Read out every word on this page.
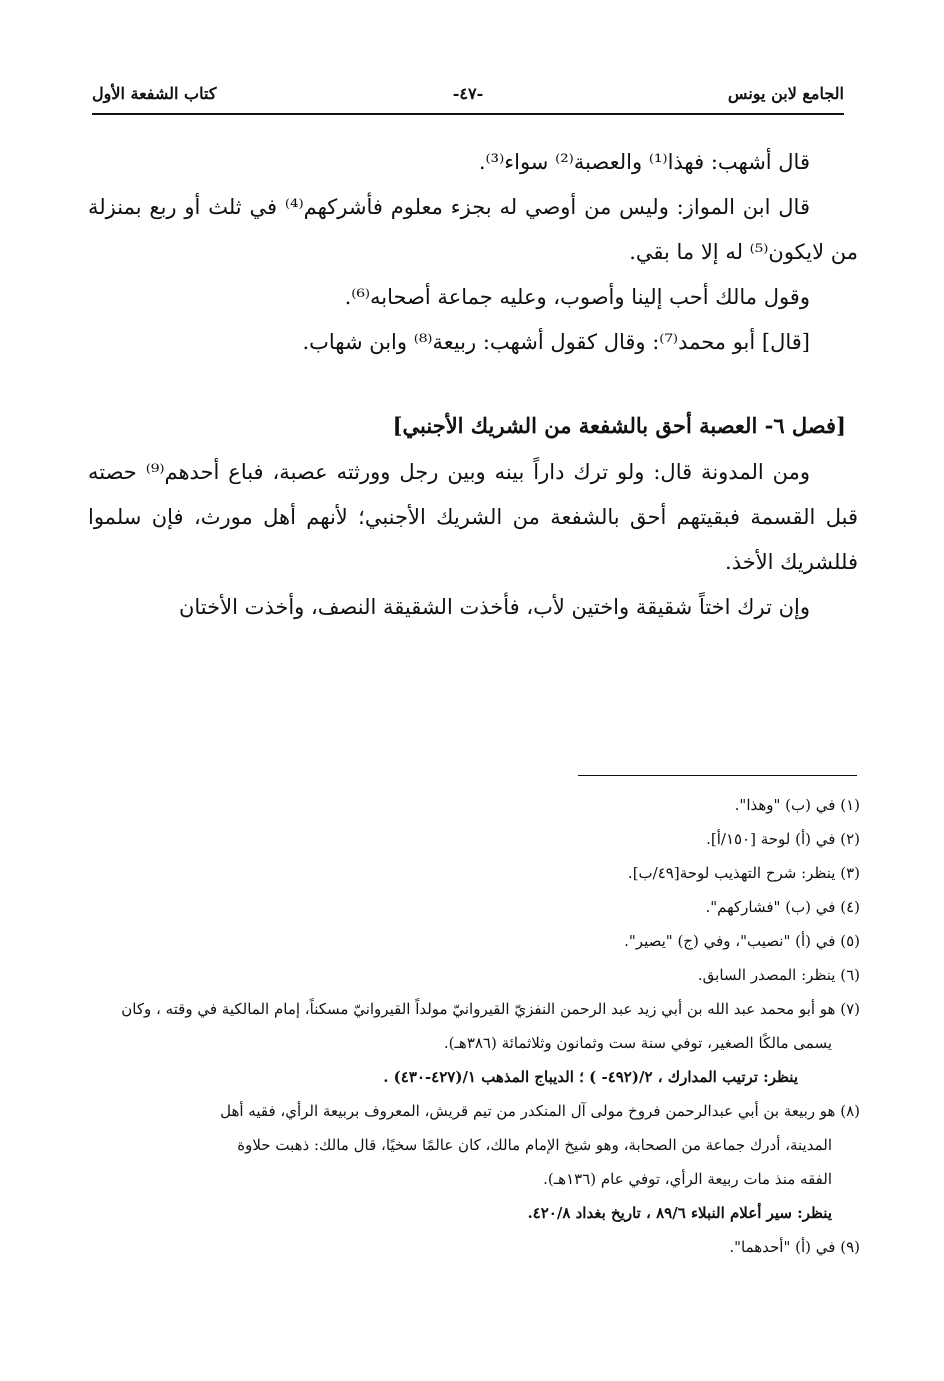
الجامع لابن يونس
-٤٧-
كتاب الشفعة الأول

قال أشهب: فهذا⁽¹⁾ والعصبة⁽²⁾ سواء⁽³⁾.

قال ابن المواز: وليس من أوصي له بجزء معلوم فأشركهم⁽⁴⁾ في ثلث أو ربع بمنزلة من لايكون⁽⁵⁾ له إلا ما بقي.

وقول مالك أحب إلينا وأصوب، وعليه جماعة أصحابه⁽⁶⁾.

[قال] أبو محمد⁽⁷⁾: وقال كقول أشهب: ربيعة⁽⁸⁾ وابن شهاب.

[فصل ٦- العصبة أحق بالشفعة من الشريك الأجنبي]

ومن المدونة قال: ولو ترك داراً بينه وبين رجل وورثته عصبة، فباع أحدهم⁽⁹⁾ حصته قبل القسمة فبقيتهم أحق بالشفعة من الشريك الأجنبي؛ لأنهم أهل مورث، فإن سلموا فللشريك الأخذ.

وإن ترك اختاً شقيقة واختين لأب، فأخذت الشقيقة النصف، وأخذت الأختان

(١) في (ب) "وهذا".

(٢) في (أ) لوحة [١٥٠/أ].

(٣) ينظر: شرح التهذيب لوحة[٤٩/ب].

(٤) في (ب) "فشاركهم".

(٥) في (أ) "نصيب"، وفي (ج) "يصير".

(٦) ينظر: المصدر السابق.

(٧) هو أبو محمد عبد الله بن أبي زيد عبد الرحمن النفزيّ القيروانيّ مولداً القيروانيّ مسكناً، إمام المالكية في وقته ، وكان

يسمى مالكًا الصغير، توفي سنة ست وثمانون وثلاثمائة (٣٨٦هـ).

ينظر: ترتيب المدارك ، ٢/(٤٩٢- ) ؛ الديباج المذهب ١/(٤٢٧-٤٣٠) .

(٨) هو ربيعة بن أبي عبدالرحمن فروخ مولى آل المنكدر من تيم قريش، المعروف بربيعة الرأي، فقيه أهل

المدينة، أدرك جماعة من الصحابة، وهو شيخ الإمام مالك، كان عالمًا سخيًا، قال مالك: ذهبت حلاوة

الفقه منذ مات ربيعة الرأي، توفي عام (١٣٦هـ).

ينظر: سير أعلام النبلاء ٨٩/٦ ، تاريخ بغداد ٤٢٠/٨.

(٩) في (أ) "أحدهما".
